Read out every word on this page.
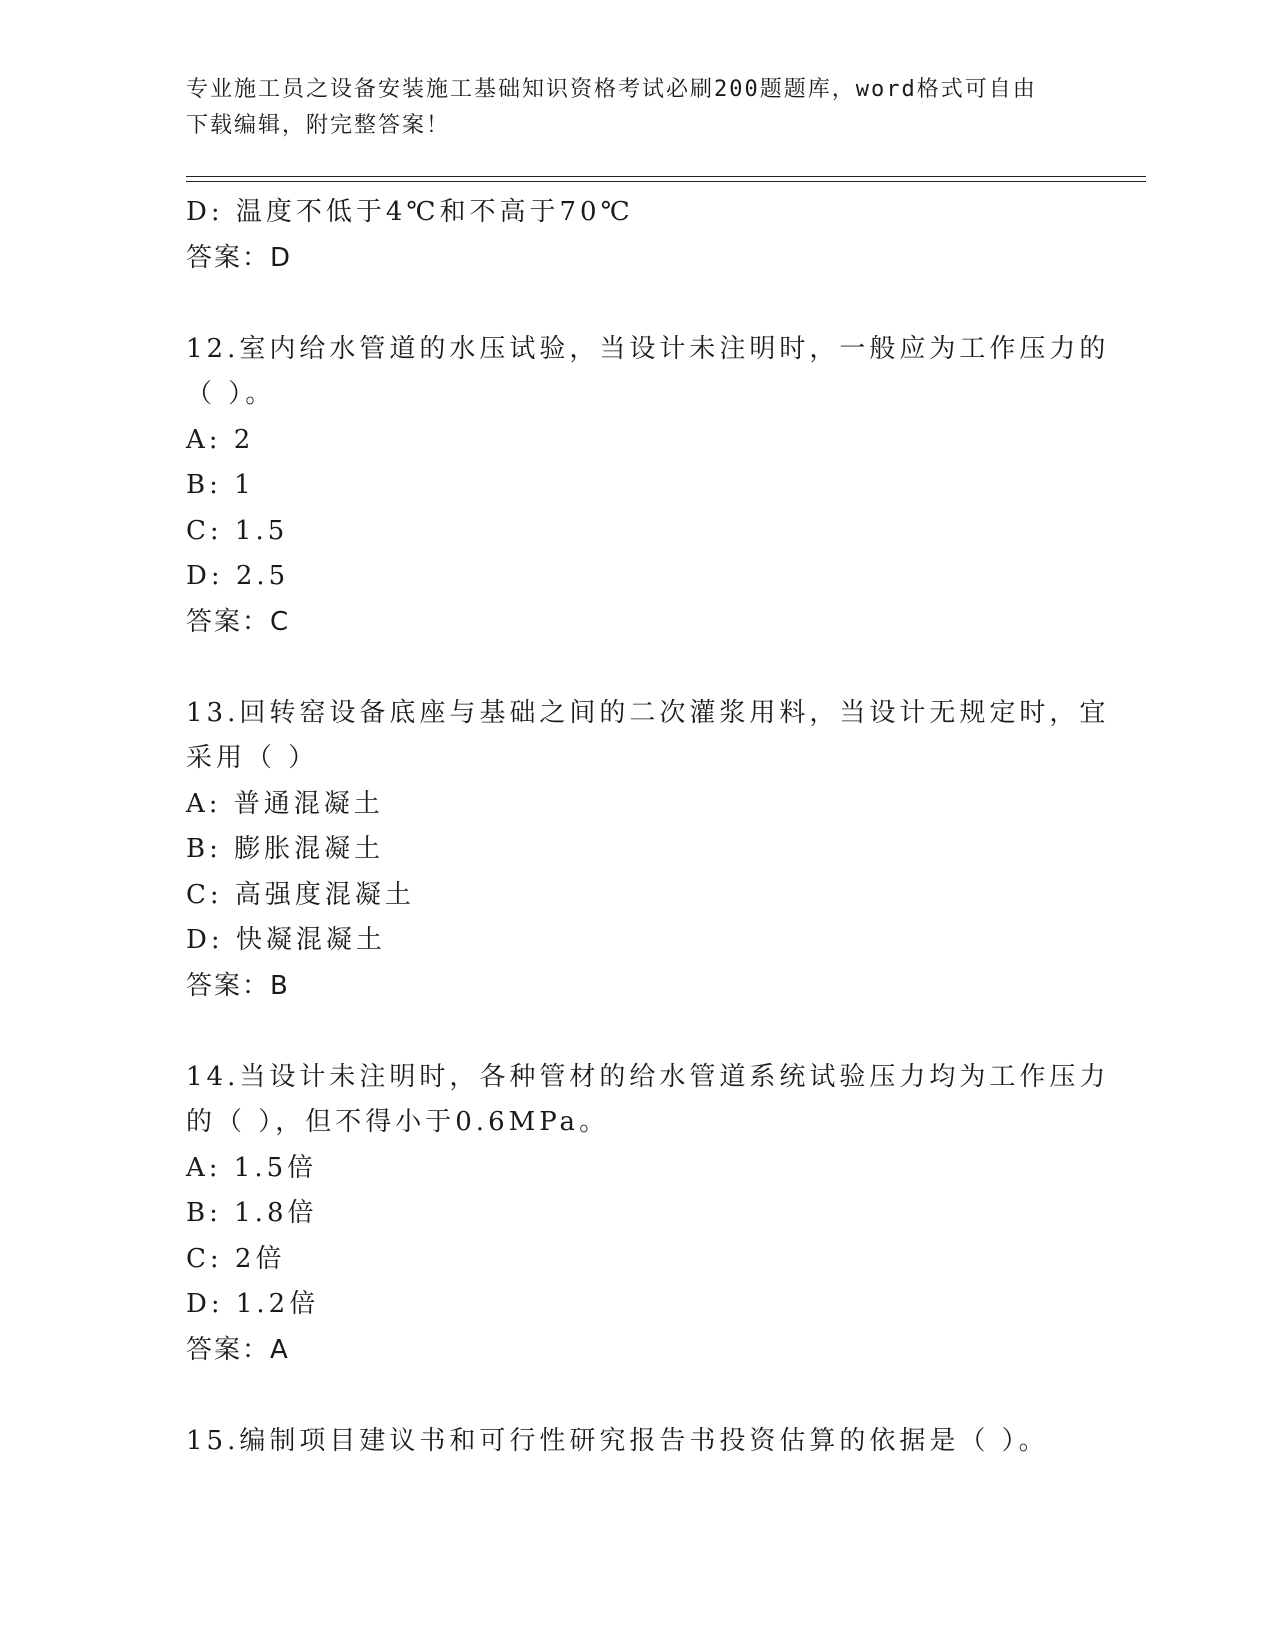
专业施工员之设备安装施工基础知识资格考试必刷200题题库，word格式可自由
下载编辑，附完整答案！
D: 温度不低于4℃和不高于70℃
答案：D
12.室内给水管道的水压试验，当设计未注明时，一般应为工作压力的
（ ）。
A: 2
B: 1
C: 1.5
D: 2.5
答案：C
13.回转窑设备底座与基础之间的二次灌浆用料，当设计无规定时，宜
采用（ ）
A: 普通混凝土
B: 膨胀混凝土
C: 高强度混凝土
D: 快凝混凝土
答案：B
14.当设计未注明时，各种管材的给水管道系统试验压力均为工作压力
的（ ），但不得小于0.6MPa。
A: 1.5倍
B: 1.8倍
C: 2倍
D: 1.2倍
答案：A
15.编制项目建议书和可行性研究报告书投资估算的依据是（ ）。
